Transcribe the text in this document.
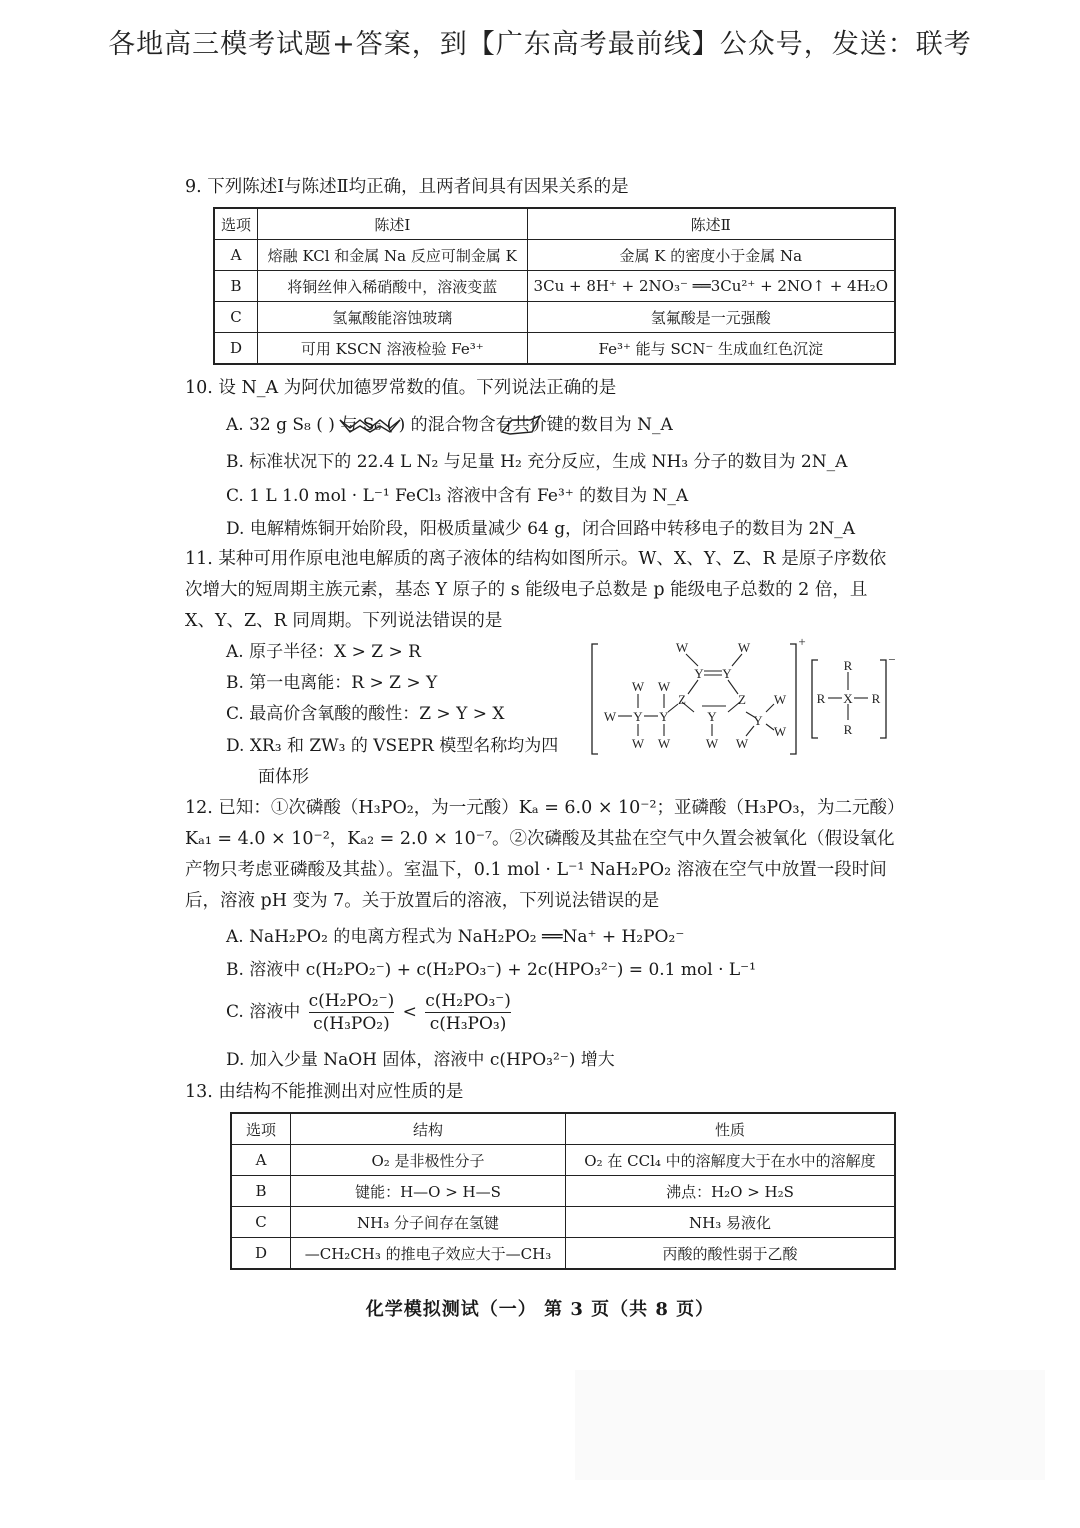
各地高三模考试题+答案，到【广东高考最前线】公众号，发送：联考
9. 下列陈述Ⅰ与陈述Ⅱ均正确，且两者间具有因果关系的是
选项	陈述Ⅰ	陈述Ⅱ
A	熔融 KCl 和金属 Na 反应可制金属 K	金属 K 的密度小于金属 Na
B	将铜丝伸入稀硝酸中，溶液变蓝	3Cu + 8H⁺ + 2NO₃⁻ ══3Cu²⁺ + 2NO↑ + 4H₂O
C	氢氟酸能溶蚀玻璃	氢氟酸是一元强酸
D	可用 KSCN 溶液检验 Fe³⁺	Fe³⁺ 能与 SCN⁻ 生成血红色沉淀
10. 设 N_A 为阿伏加德罗常数的值。下列说法正确的是
A. 32 g S₈ ( ) 与 S₆ ( ) 的混合物含有共价键的数目为 N_A
B. 标准状况下的 22.4 L N₂ 与足量 H₂ 充分反应，生成 NH₃ 分子的数目为 2N_A
C. 1 L 1.0 mol · L⁻¹ FeCl₃ 溶液中含有 Fe³⁺ 的数目为 N_A
D. 电解精炼铜开始阶段，阳极质量减少 64 g，闭合回路中转移电子的数目为 2N_A
11. 某种可用作原电池电解质的离子液体的结构如图所示。W、X、Y、Z、R 是原子序数依次增大的短周期主族元素，基态 Y 原子的 s 能级电子总数是 p 能级电子总数的 2 倍，且 X、Y、Z、R 同周期。下列说法错误的是
A. 原子半径：X > Z > R
B. 第一电离能：R > Z > Y
C. 最高价含氧酸的酸性：Z > Y > X
D. XR₃ 和 ZW₃ 的 VSEPR 模型名称均为四
面体形
W	W
Y Y
W W
W Y Y
Z	Z
Y	Y
W
W
W W	W W
+
R
R X R
R
−
12. 已知：①次磷酸（H₃PO₂，为一元酸）Kₐ = 6.0 × 10⁻²；亚磷酸（H₃PO₃，为二元酸）Kₐ₁ = 4.0 × 10⁻²，Kₐ₂ = 2.0 × 10⁻⁷。②次磷酸及其盐在空气中久置会被氧化（假设氧化产物只考虑亚磷酸及其盐）。室温下，0.1 mol · L⁻¹ NaH₂PO₂ 溶液在空气中放置一段时间后，溶液 pH 变为 7。关于放置后的溶液，下列说法错误的是
A. NaH₂PO₂ 的电离方程式为 NaH₂PO₂ ══Na⁺ + H₂PO₂⁻
B. 溶液中 c(H₂PO₂⁻) + c(H₂PO₃⁻) + 2c(HPO₃²⁻) = 0.1 mol · L⁻¹
C. 溶液中 $\frac{\text{c(H₂PO₂⁻)}}{\text{c(H₃PO₂)}} < \frac{\text{c(H₂PO₃⁻)}}{\text{c(H₃PO₃)}}$
D. 加入少量 NaOH 固体，溶液中 c(HPO₃²⁻) 增大
13. 由结构不能推测出对应性质的是
选项	结构	性质
A	O₂ 是非极性分子	O₂ 在 CCl₄ 中的溶解度大于在水中的溶解度
B	键能：H—O > H—S	沸点：H₂O > H₂S
C	NH₃ 分子间存在氢键	NH₃ 易液化
D	—CH₂CH₃ 的推电子效应大于—CH₃	丙酸的酸性弱于乙酸
化学模拟测试（一） 第 3 页（共 8 页）
